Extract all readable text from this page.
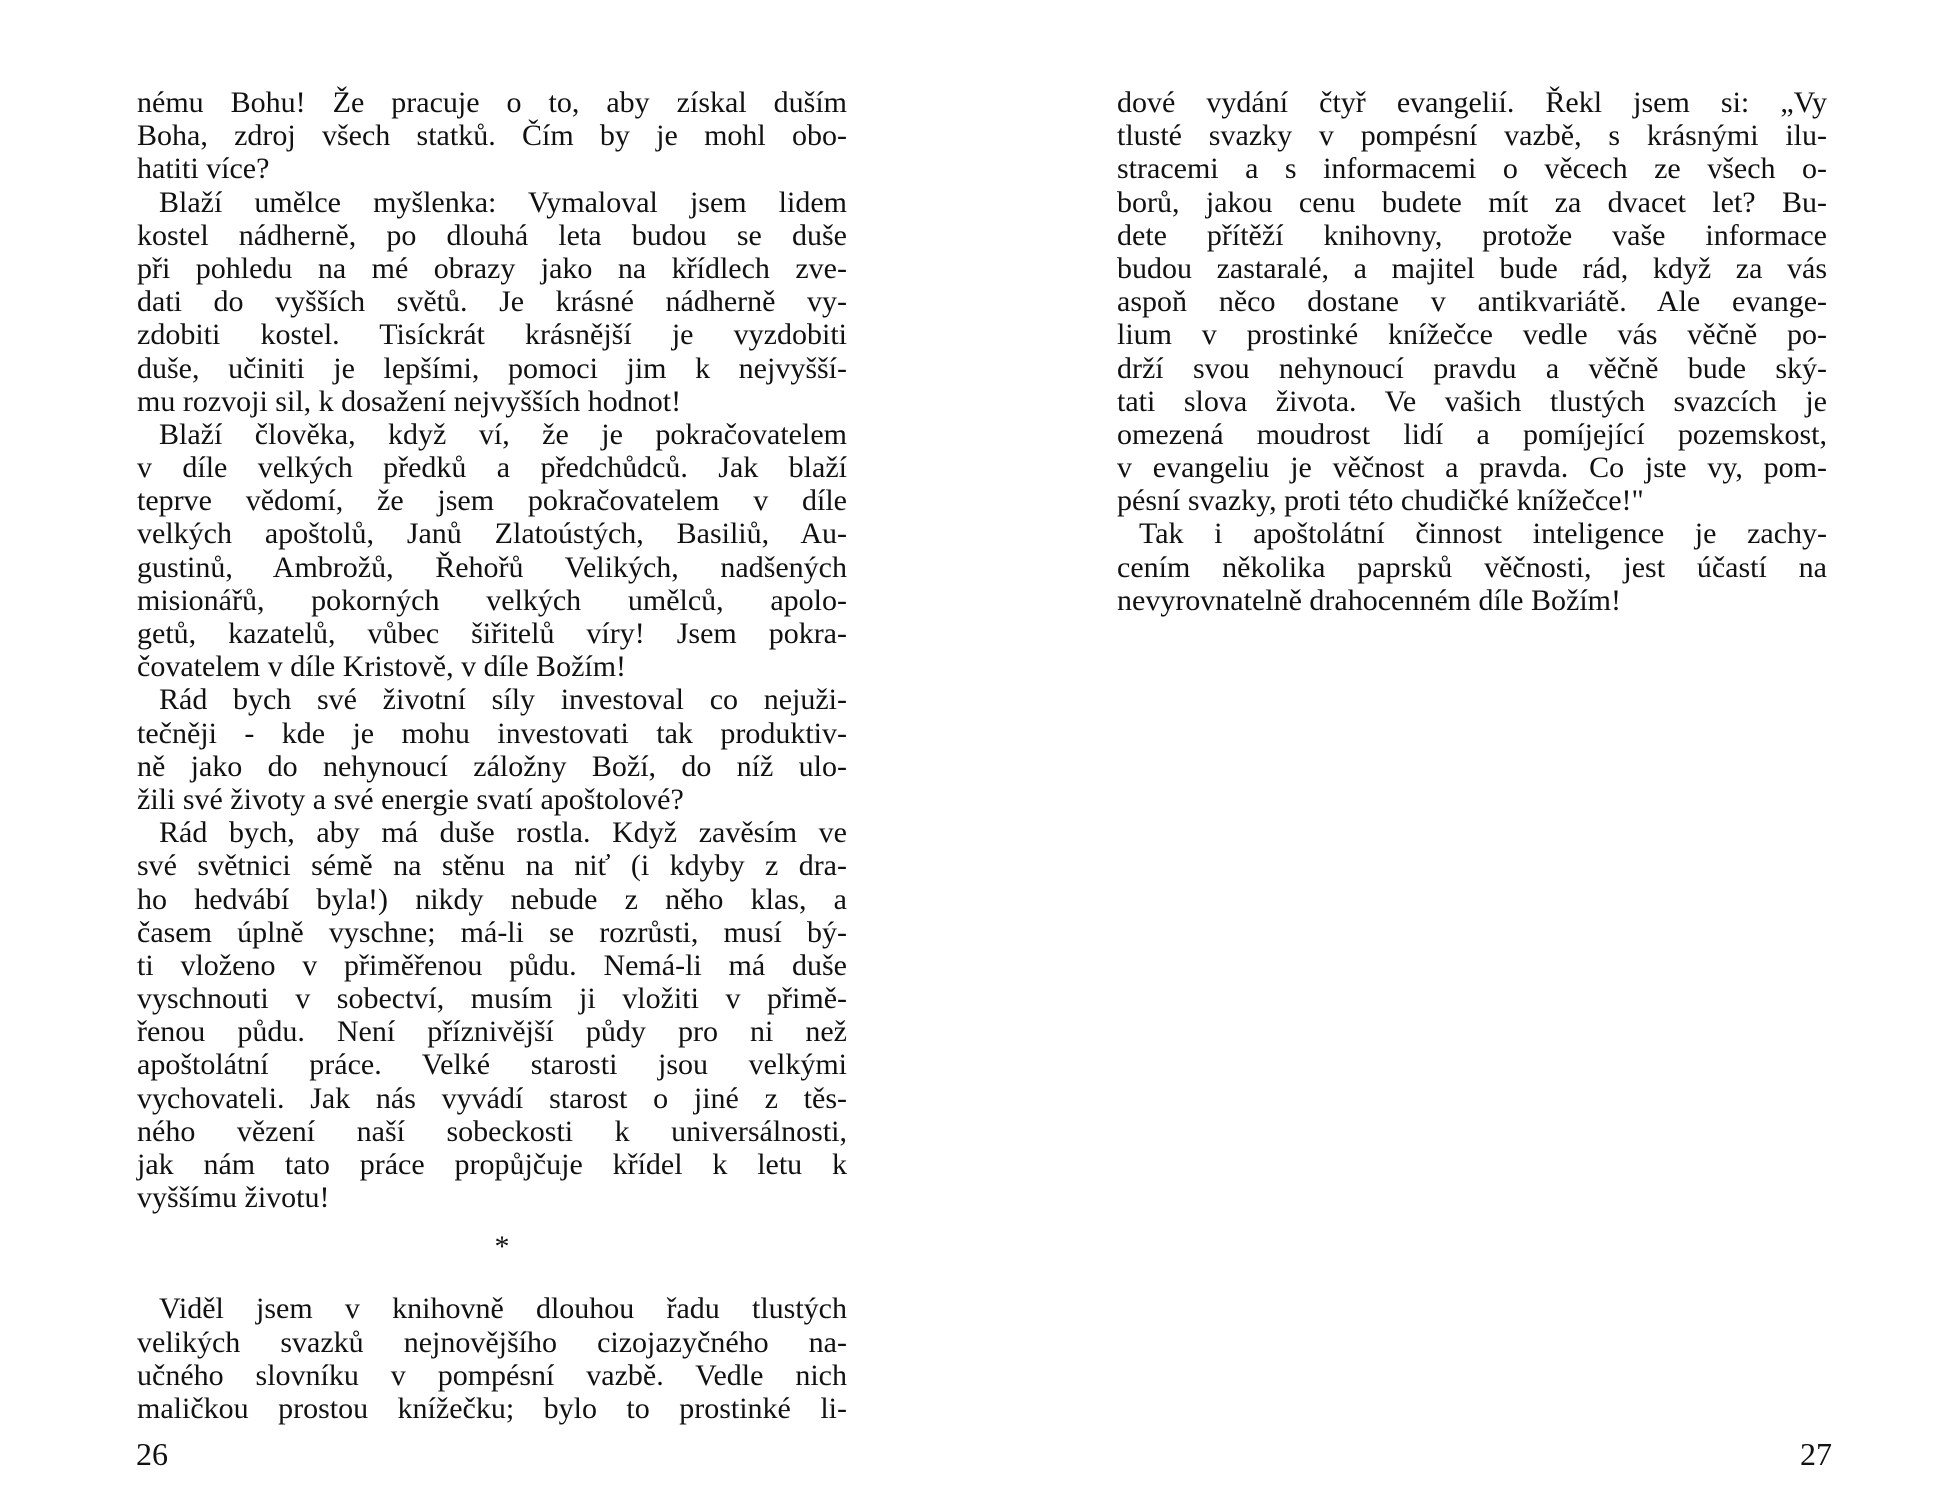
nému Bohu! Že pracuje o to, aby získal duším
Boha, zdroj všech statků. Čím by je mohl obo-
hatiti více?
Blaží umělce myšlenka: Vymaloval jsem lidem
kostel nádherně, po dlouhá leta budou se duše
při pohledu na mé obrazy jako na křídlech zve-
dati do vyšších světů. Je krásné nádherně vy-
zdobiti kostel. Tisíckrát krásnější je vyzdobiti
duše, učiniti je lepšími, pomoci jim k nejvyšší-
mu rozvoji sil, k dosažení nejvyšších hodnot!
Blaží člověka, když ví, že je pokračovatelem
v díle velkých předků a předchůdců. Jak blaží
teprve vědomí, že jsem pokračovatelem v díle
velkých apoštolů, Janů Zlatoústých, Basiliů, Au-
gustinů, Ambrožů, Řehořů Velikých, nadšených
misionářů, pokorných velkých umělců, apolo-
getů, kazatelů, vůbec šiřitelů víry! Jsem pokra-
čovatelem v díle Kristově, v díle Božím!
Rád bych své životní síly investoval co nejuži-
tečněji - kde je mohu investovati tak produktiv-
ně jako do nehynoucí záložny Boží, do níž ulo-
žili své životy a své energie svatí apoštolové?
Rád bych, aby má duše rostla. Když zavěsím ve
své světnici sémě na stěnu na niť (i kdyby z dra-
ho hedvábí byla!) nikdy nebude z něho klas, a
časem úplně vyschne; má-li se rozrůsti, musí bý-
ti vloženo v přiměřenou půdu. Nemá-li má duše
vyschnouti v sobectví, musím ji vložiti v přimě-
řenou půdu. Není příznivější půdy pro ni než
apoštolátní práce. Velké starosti jsou velkými
vychovateli. Jak nás vyvádí starost o jiné z těs-
ného vězení naší sobeckosti k universálnosti,
jak nám tato práce propůjčuje křídel k letu k
vyššímu životu!
*
Viděl jsem v knihovně dlouhou řadu tlustých
velikých svazků nejnovějšího cizojazyčného na-
učného slovníku v pompésní vazbě. Vedle nich
maličkou prostou knížečku; bylo to prostinké li-
26
dové vydání čtyř evangelií. Řekl jsem si: „Vy
tlusté svazky v pompésní vazbě, s krásnými ilu-
stracemi a s informacemi o věcech ze všech o-
borů, jakou cenu budete mít za dvacet let? Bu-
dete přítěží knihovny, protože vaše informace
budou zastaralé, a majitel bude rád, když za vás
aspoň něco dostane v antikvariátě. Ale evange-
lium v prostinké knížečce vedle vás věčně po-
drží svou nehynoucí pravdu a věčně bude ský-
tati slova života. Ve vašich tlustých svazcích je
omezená moudrost lidí a pomíjející pozemskost,
v evangeliu je věčnost a pravda. Co jste vy, pom-
pésní svazky, proti této chudičké knížečce!"
Tak i apoštolátní činnost inteligence je zachy-
cením několika paprsků věčnosti, jest účastí na
nevyrovnatelně drahocenném díle Božím!
27
